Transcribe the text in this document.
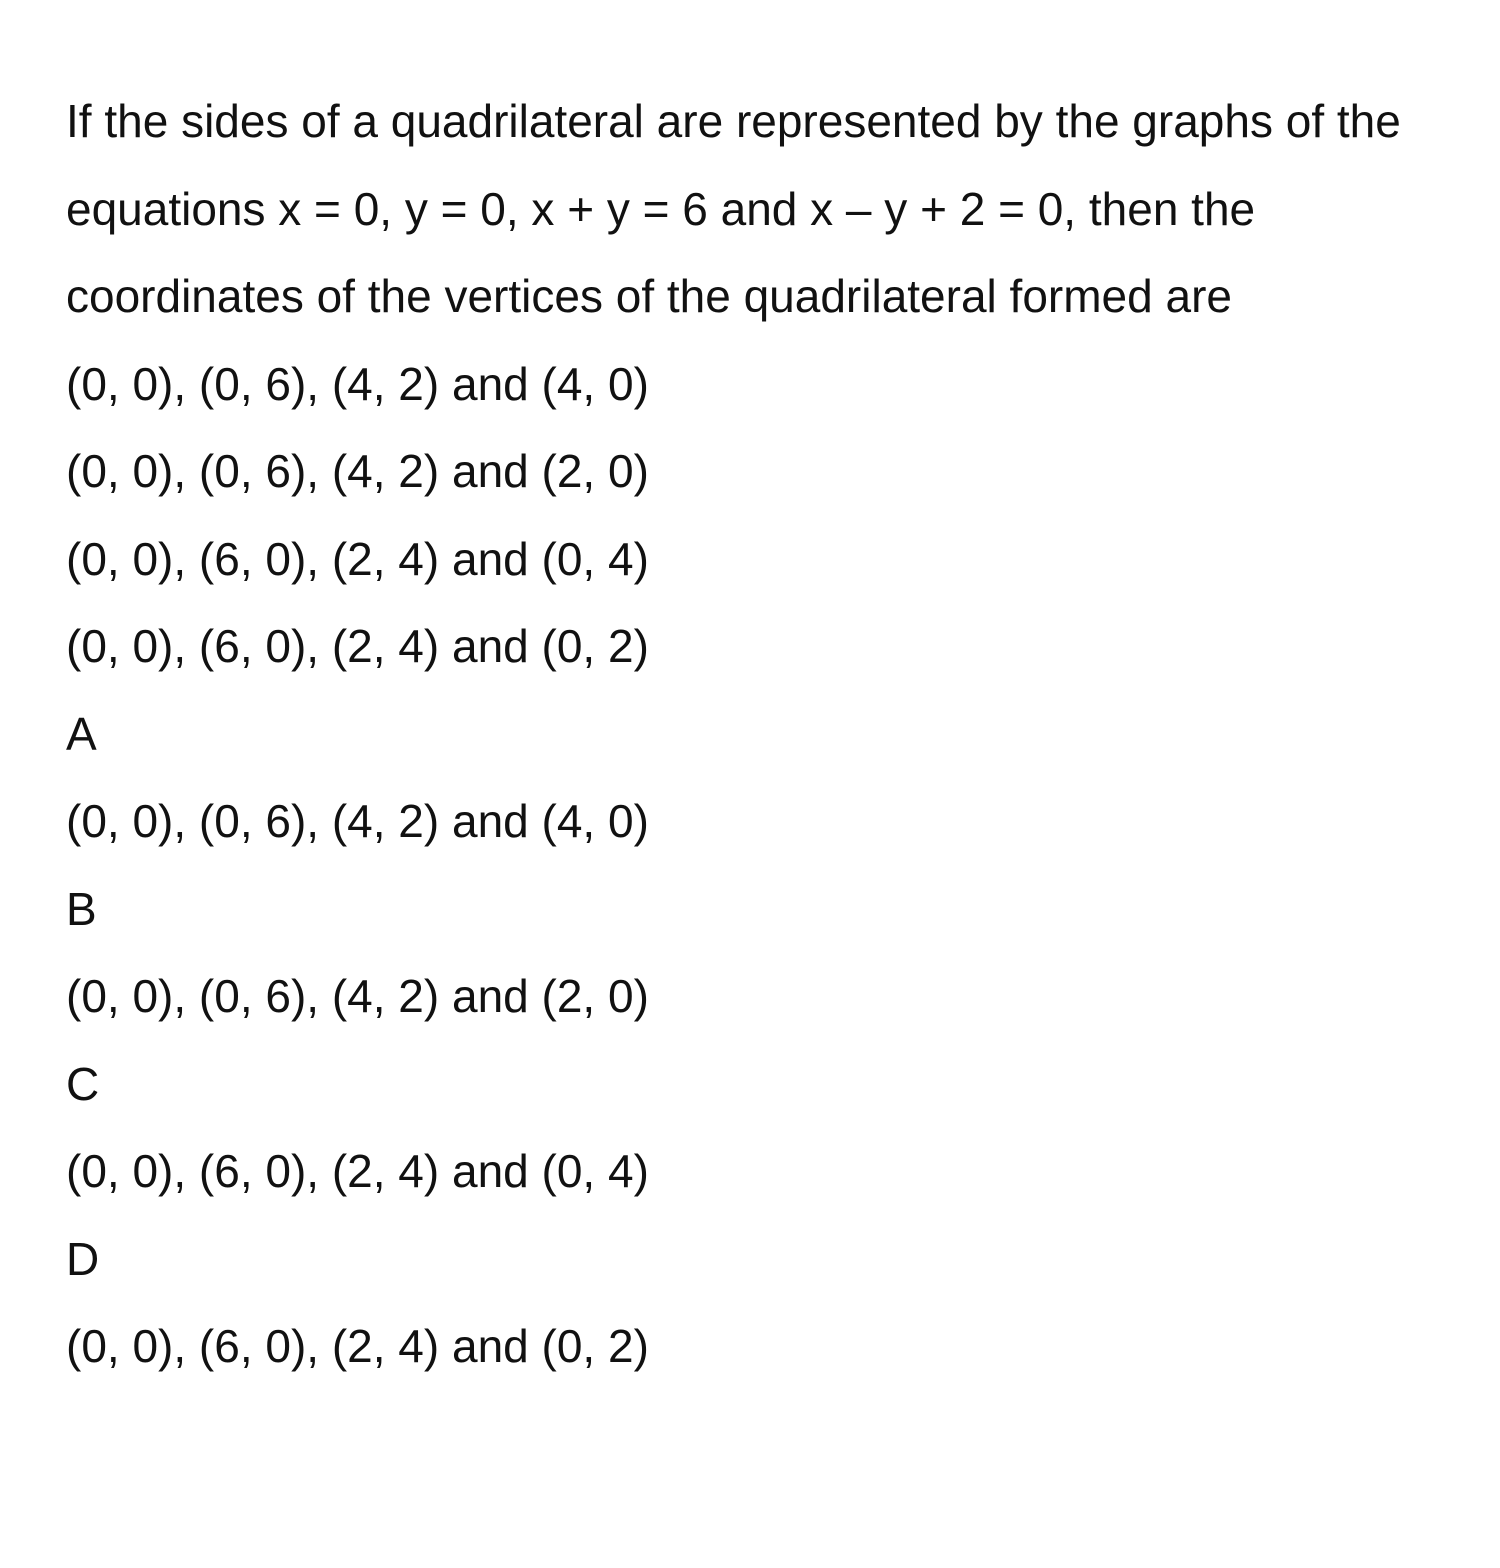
If the sides of a quadrilateral are represented by the graphs of the equations x = 0, y = 0, x + y = 6 and x – y + 2 = 0, then the coordinates of the vertices of the quadrilateral formed are

(0, 0), (0, 6), (4, 2) and (4, 0)

(0, 0), (0, 6), (4, 2) and (2, 0)

(0, 0), (6, 0), (2, 4) and (0, 4)

(0, 0), (6, 0), (2, 4) and (0, 2)

A

(0, 0), (0, 6), (4, 2) and (4, 0)

B

(0, 0), (0, 6), (4, 2) and (2, 0)

C

(0, 0), (6, 0), (2, 4) and (0, 4)

D

(0, 0), (6, 0), (2, 4) and (0, 2)
